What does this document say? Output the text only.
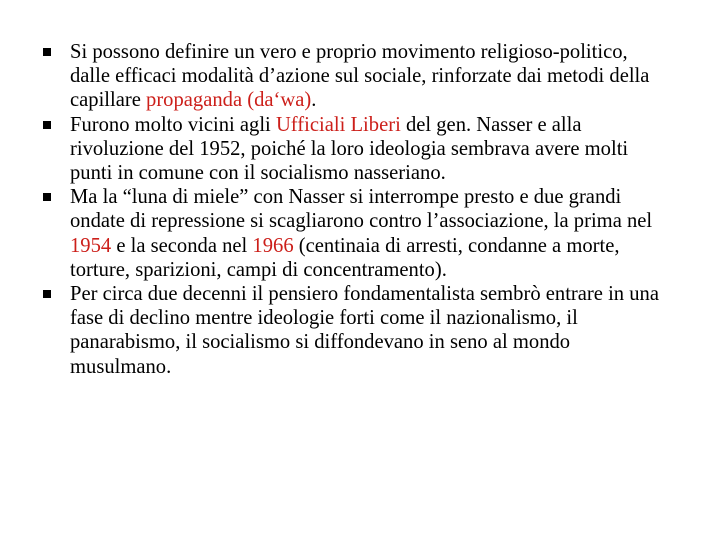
Si possono definire un vero e proprio movimento religioso-politico, dalle efficaci modalità d’azione sul sociale, rinforzate dai metodi della capillare propaganda (da‘wa).
Furono molto vicini agli Ufficiali Liberi del gen. Nasser e alla rivoluzione del 1952, poiché la loro ideologia sembrava avere molti punti in comune con il socialismo nasseriano.
Ma la “luna di miele” con Nasser si interrompe presto e due grandi ondate di repressione si scagliarono contro l’associazione, la prima nel 1954 e la seconda nel 1966 (centinaia di arresti, condanne a morte, torture, sparizioni, campi di concentramento).
Per circa due decenni il pensiero fondamentalista sembrò entrare in una fase di declino mentre ideologie forti come il nazionalismo, il panarabismo, il socialismo si diffondevano in seno al mondo musulmano.
